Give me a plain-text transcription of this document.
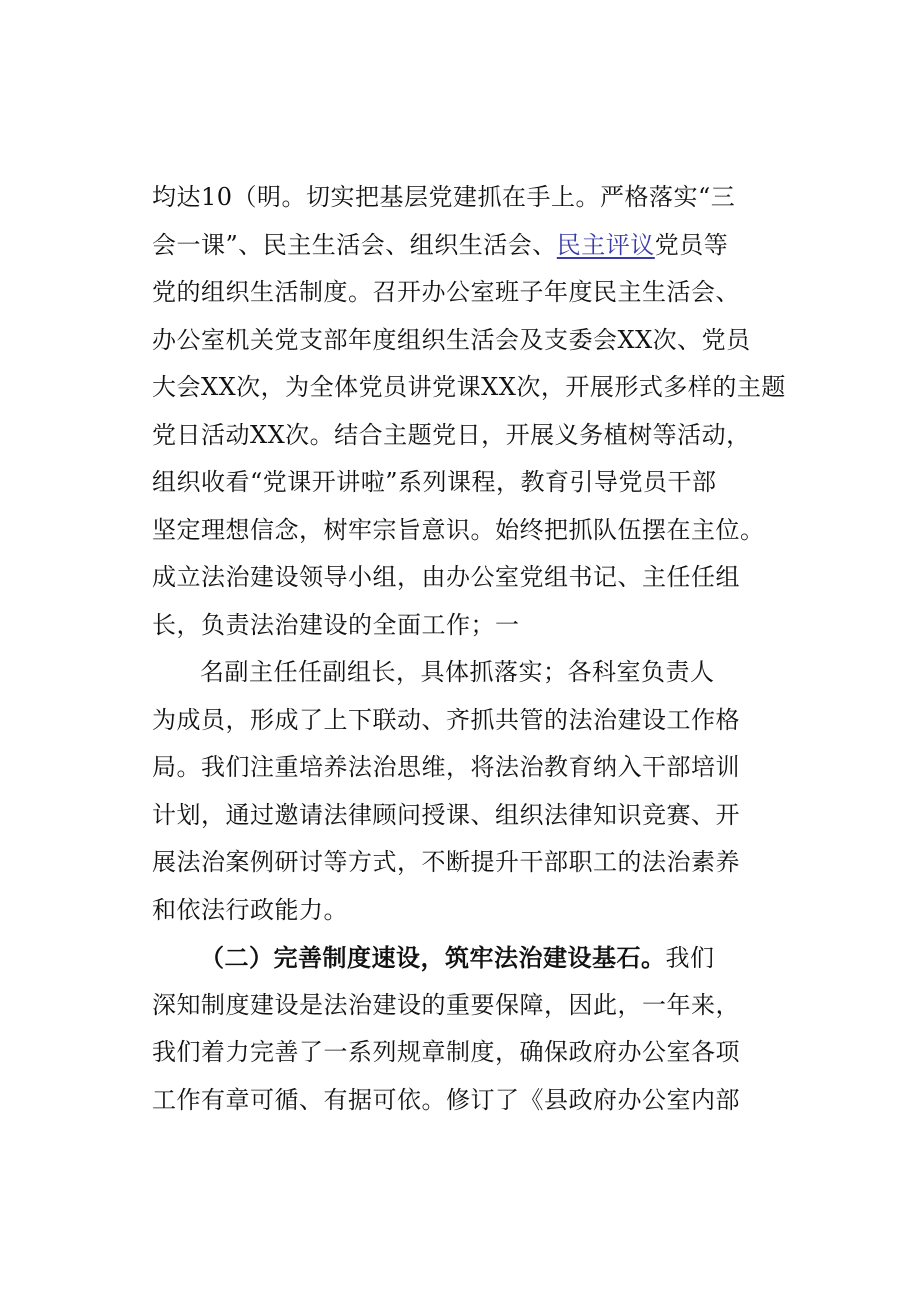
均达10（明。切实把基层党建抓在手上。严格落实“三
会一课”、民主生活会、组织生活会、民主评议党员等
党的组织生活制度。召开办公室班子年度民主生活会、
办公室机关党支部年度组织生活会及支委会XX次、党员
大会XX次，为全体党员讲党课XX次，开展形式多样的主题
党日活动XX次。结合主题党日，开展义务植树等活动，
组织收看“党课开讲啦”系列课程，教育引导党员干部
坚定理想信念，树牢宗旨意识。始终把抓队伍摆在主位。
成立法治建设领导小组，由办公室党组书记、主任任组
长，负责法治建设的全面工作；一
名副主任任副组长，具体抓落实；各科室负责人
为成员，形成了上下联动、齐抓共管的法治建设工作格
局。我们注重培养法治思维，将法治教育纳入干部培训
计划，通过邀请法律顾问授课、组织法律知识竞赛、开
展法治案例研讨等方式，不断提升干部职工的法治素养
和依法行政能力。
（二）完善制度速设，筑牢法治建设基石。我们
深知制度建设是法治建设的重要保障，因此，一年来，
我们着力完善了一系列规章制度，确保政府办公室各项
工作有章可循、有据可依。修订了《县政府办公室内部
